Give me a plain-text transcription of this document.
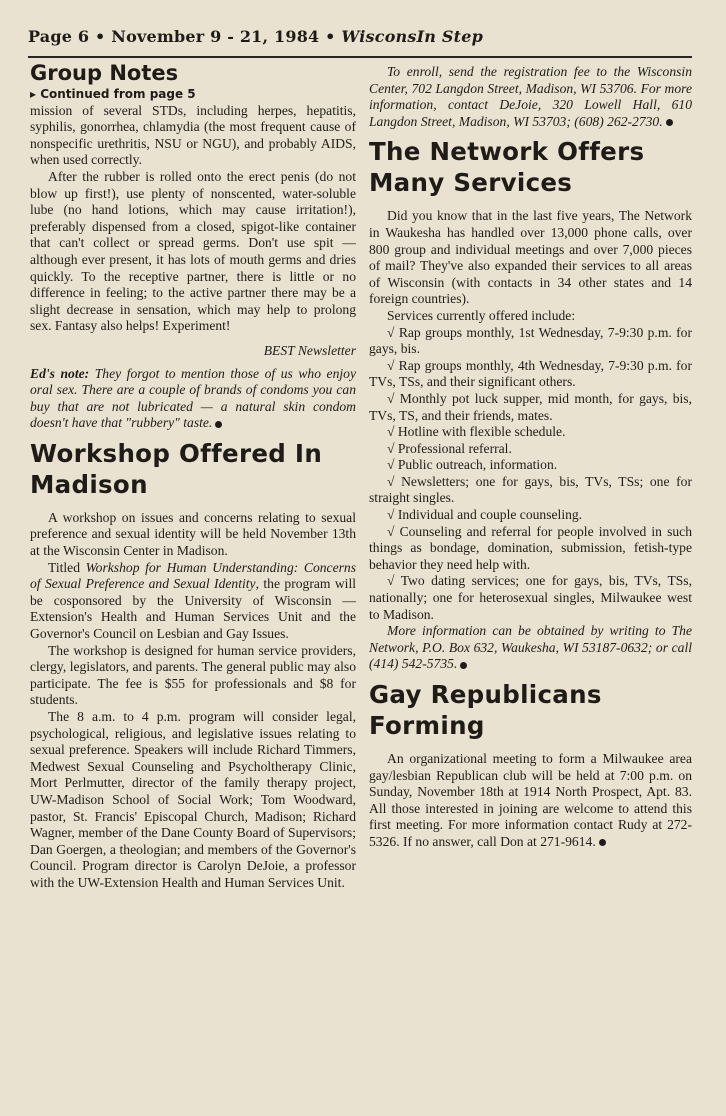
Page 6 • November 9 - 21, 1984 • WisconsIn Step
Group Notes

▸ Continued from page 5

mission of several STDs, including herpes, hepatitis, syphilis, gonorrhea, chlamydia (the most frequent cause of nonspecific urethritis, NSU or NGU), and probably AIDS, when used correctly.

After the rubber is rolled onto the erect penis (do not blow up first!), use plenty of nonscented, water-soluble lube (no hand lotions, which may cause irritation!), preferably dispensed from a closed, spigot-like container that can't collect or spread germs. Don't use spit — although ever present, it has lots of mouth germs and dries quickly. To the receptive partner, there is little or no difference in feeling; to the active partner there may be a slight decrease in sensation, which may help to prolong sex. Fantasy also helps! Experiment!

BEST Newsletter

Ed's note: They forgot to mention those of us who enjoy oral sex. There are a couple of brands of condoms you can buy that are not lubricated — a natural skin condom doesn't have that "rubbery" taste.

Workshop Offered In Madison

A workshop on issues and concerns relating to sexual preference and sexual identity will be held November 13th at the Wisconsin Center in Madison.

Titled Workshop for Human Understanding: Concerns of Sexual Preference and Sexual Identity, the program will be cosponsored by the University of Wisconsin — Extension's Health and Human Services Unit and the Governor's Council on Lesbian and Gay Issues.

The workshop is designed for human service providers, clergy, legislators, and parents. The general public may also participate. The fee is $55 for professionals and $8 for students.

The 8 a.m. to 4 p.m. program will consider legal, psychological, religious, and legislative issues relating to sexual preference. Speakers will include Richard Timmers, Medwest Sexual Counseling and Psycholtherapy Clinic, Mort Perlmutter, director of the family therapy project, UW-Madison School of Social Work; Tom Woodward, pastor, St. Francis' Episcopal Church, Madison; Richard Wagner, member of the Dane County Board of Supervisors; Dan Goergen, a theologian; and members of the Governor's Council. Program director is Carolyn DeJoie, a professor with the UW-Extension Health and Human Services Unit.

To enroll, send the registration fee to the Wisconsin Center, 702 Langdon Street, Madison, WI 53706. For more information, contact DeJoie, 320 Lowell Hall, 610 Langdon Street, Madison, WI 53703; (608) 262-2730.

The Network Offers Many Services

Did you know that in the last five years, The Network in Waukesha has handled over 13,000 phone calls, over 800 group and individual meetings and over 7,000 pieces of mail? They've also expanded their services to all areas of Wisconsin (with contacts in 34 other states and 14 foreign countries).

Services currently offered include:

√ Rap groups monthly, 1st Wednesday, 7-9:30 p.m. for gays, bis.

√ Rap groups monthly, 4th Wednesday, 7-9:30 p.m. for TVs, TSs, and their significant others.

√ Monthly pot luck supper, mid month, for gays, bis, TVs, TS, and their friends, mates.

√ Hotline with flexible schedule.

√ Professional referral.

√ Public outreach, information.

√ Newsletters; one for gays, bis, TVs, TSs; one for straight singles.

√ Individual and couple counseling.

√ Counseling and referral for people involved in such things as bondage, domination, submission, fetish-type behavior they need help with.

√ Two dating services; one for gays, bis, TVs, TSs, nationally; one for heterosexual singles, Milwaukee west to Madison.

More information can be obtained by writing to The Network, P.O. Box 632, Waukesha, WI 53187-0632; or call (414) 542-5735.

Gay Republicans Forming

An organizational meeting to form a Milwaukee area gay/lesbian Republican club will be held at 7:00 p.m. on Sunday, November 18th at 1914 North Prospect, Apt. 83. All those interested in joining are welcome to attend this first meeting. For more information contact Rudy at 272-5326. If no answer, call Don at 271-9614.
